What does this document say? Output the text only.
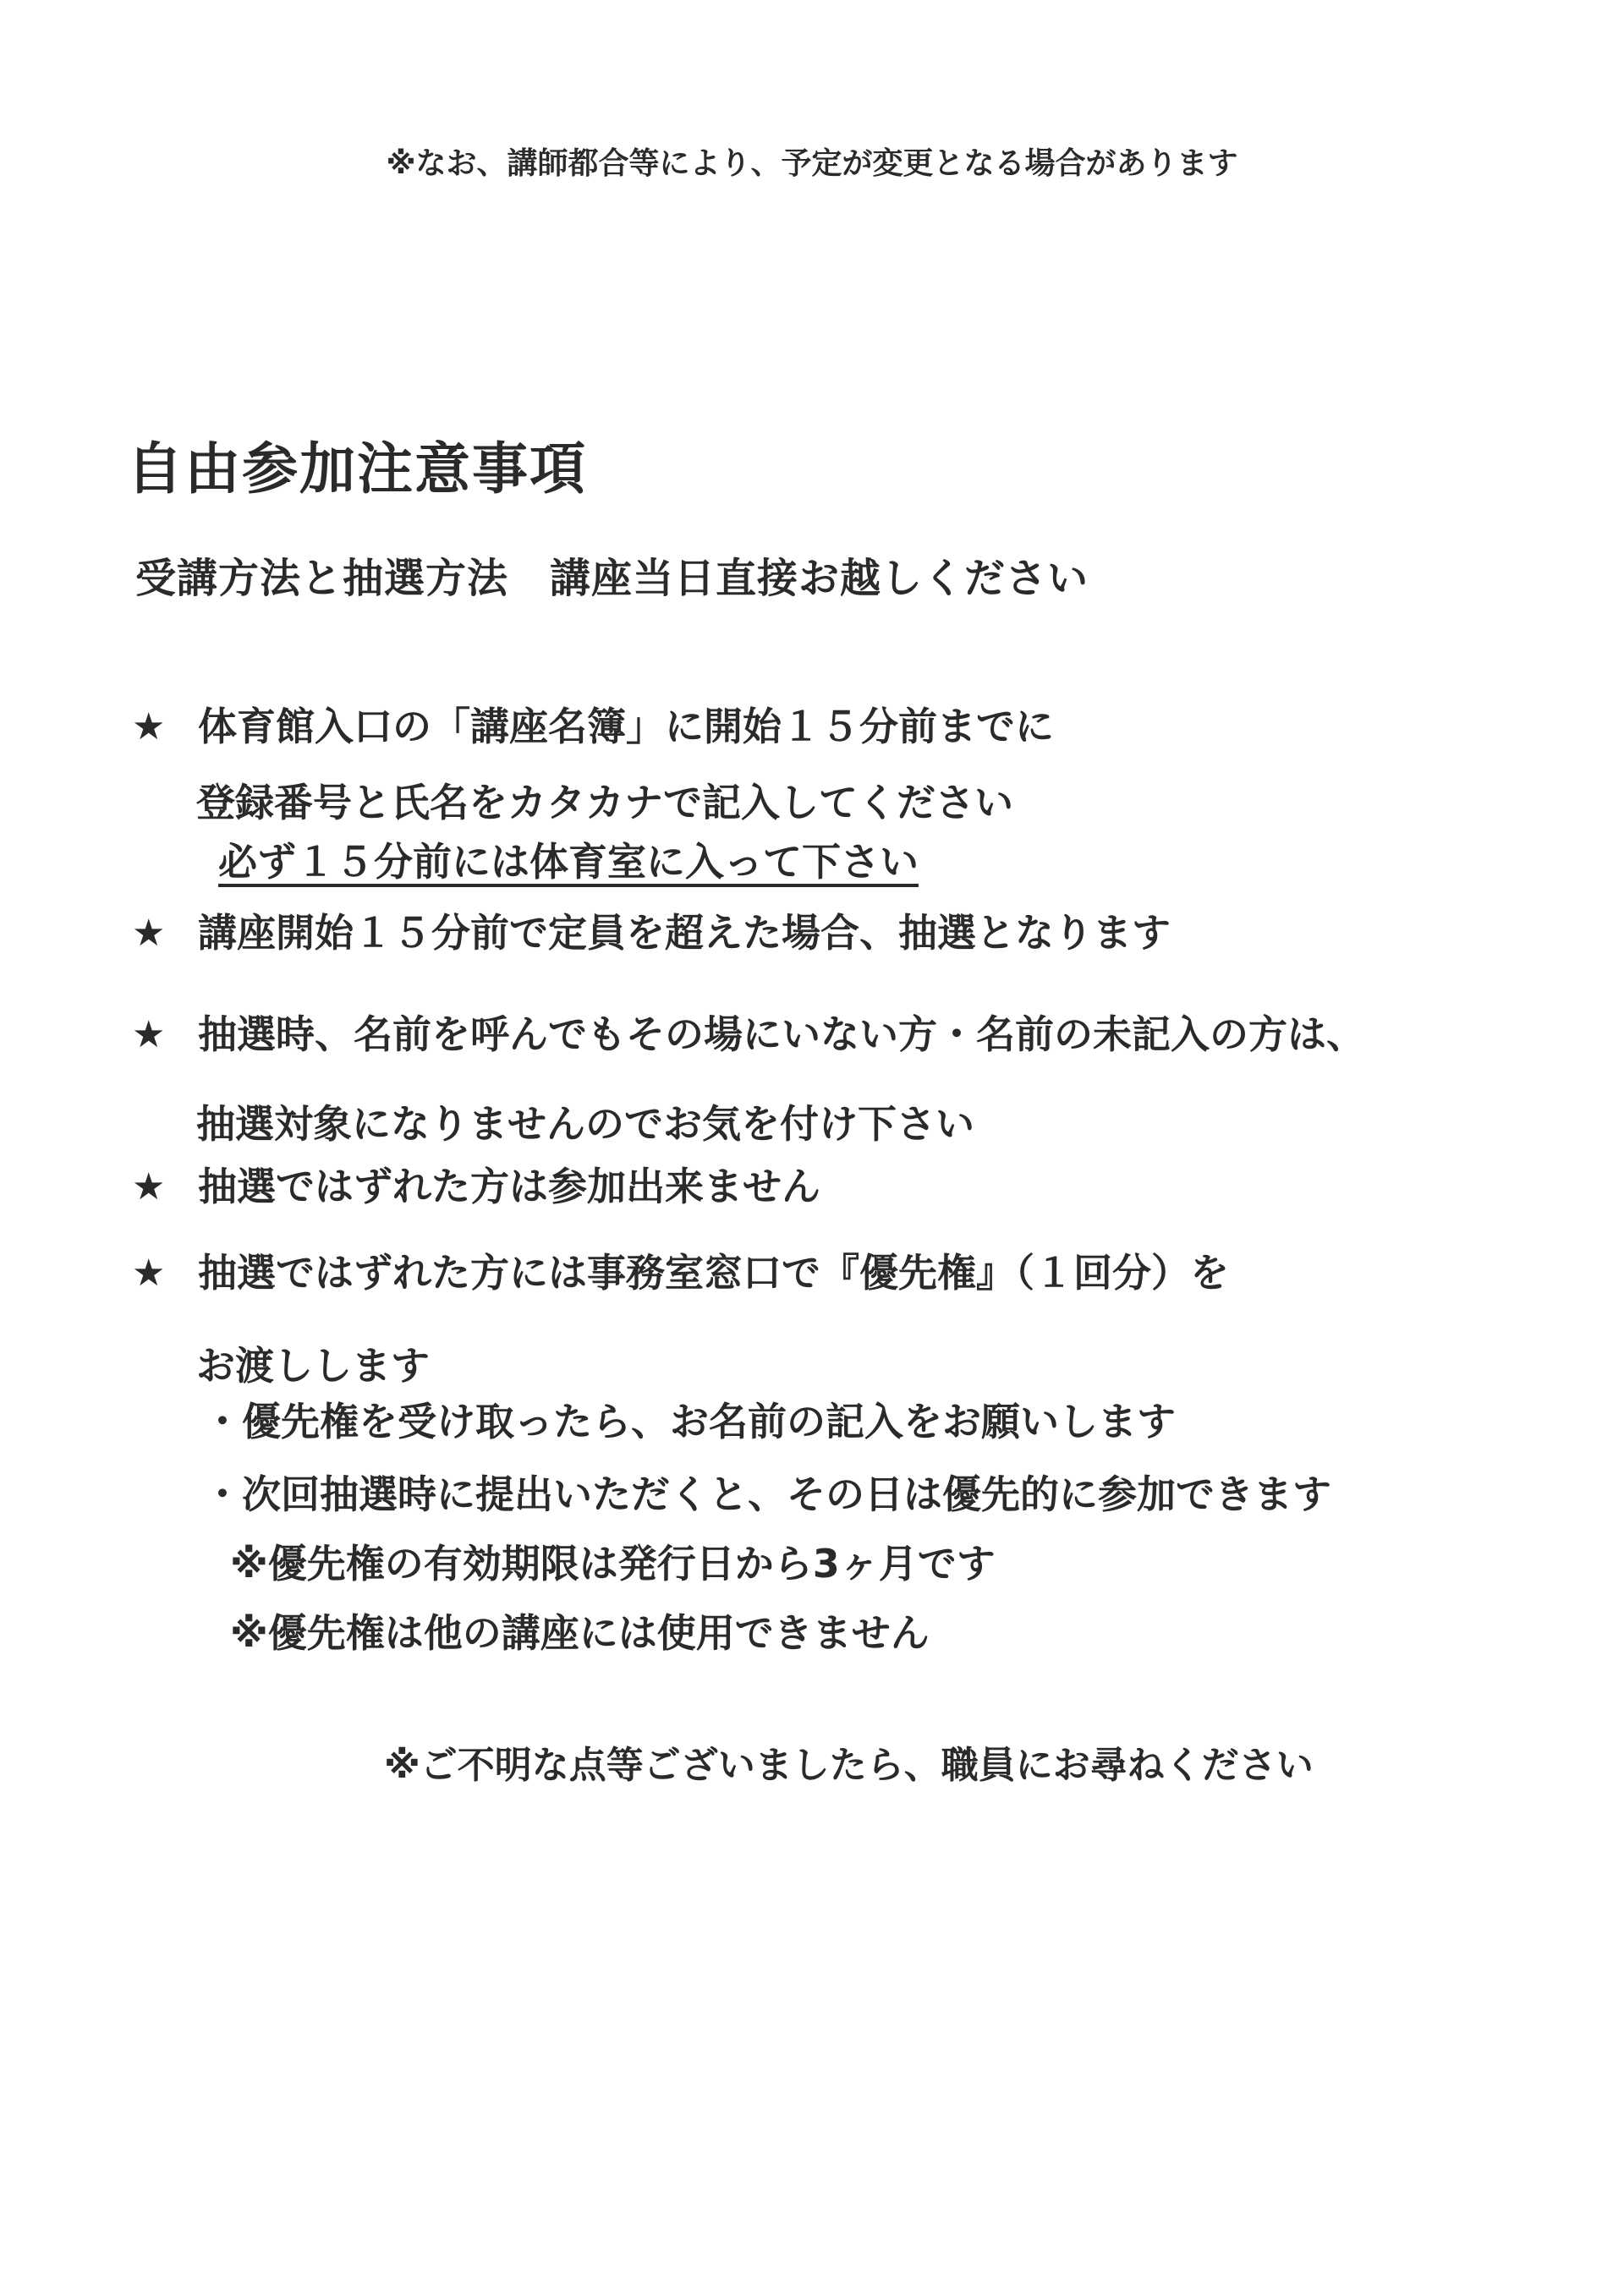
※なお、講師都合等により、予定が変更となる場合があります
自由参加注意事項
受講方法と抽選方法　講座当日直接お越しください
★ 体育館入口の「講座名簿」に開始１５分前までに
登録番号と氏名をカタカナで記入してください
必ず１５分前には体育室に入って下さい
★ 講座開始１５分前で定員を超えた場合、抽選となります
★ 抽選時、名前を呼んでもその場にいない方・名前の未記入の方は、
抽選対象になりませんのでお気を付け下さい
★ 抽選ではずれた方は参加出来ません
★ 抽選ではずれた方には事務室窓口で『優先権』（１回分）を
お渡しします
・優先権を受け取ったら、お名前の記入をお願いします
・次回抽選時に提出いただくと、その日は優先的に参加できます
※優先権の有効期限は発行日から3ヶ月です
※優先権は他の講座には使用できません
※ご不明な点等ございましたら、職員にお尋ねください
